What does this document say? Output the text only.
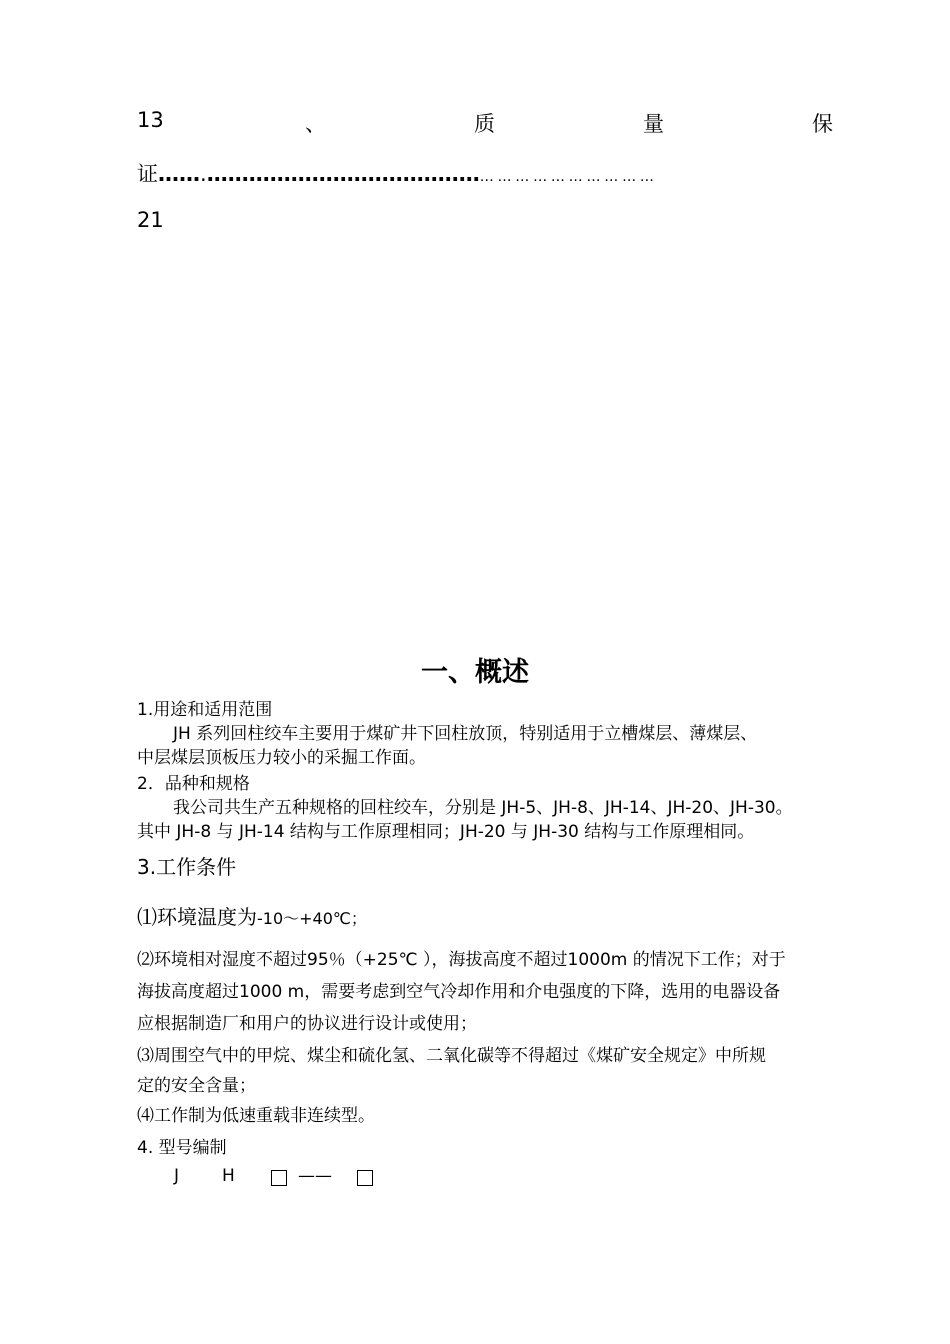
13	、	质	量	保
证…….……………………………………………………………
21
一、概述
1.用途和适用范围
JH 系列回柱绞车主要用于煤矿井下回柱放顶，特别适用于立槽煤层、薄煤层、
中层煤层顶板压力较小的采掘工作面。
2．品种和规格
我公司共生产五种规格的回柱绞车，分别是 JH-5、JH-8、JH-14、JH-20、JH-30。
其中 JH-8 与 JH-14 结构与工作原理相同；JH-20 与 JH-30 结构与工作原理相同。
3.工作条件
⑴环境温度为-10～+40℃；
⑵环境相对湿度不超过95％（+25℃ ），海拔高度不超过1000m 的情况下工作；对于
海拔高度超过1000 m，需要考虑到空气冷却作用和介电强度的下降，选用的电器设备
应根据制造厂和用户的协议进行设计或使用；
⑶周围空气中的甲烷、煤尘和硫化氢、二氧化碳等不得超过《煤矿安全规定》中所规
定的安全含量；
⑷工作制为低速重载非连续型。
4. 型号编制
J	H	——
